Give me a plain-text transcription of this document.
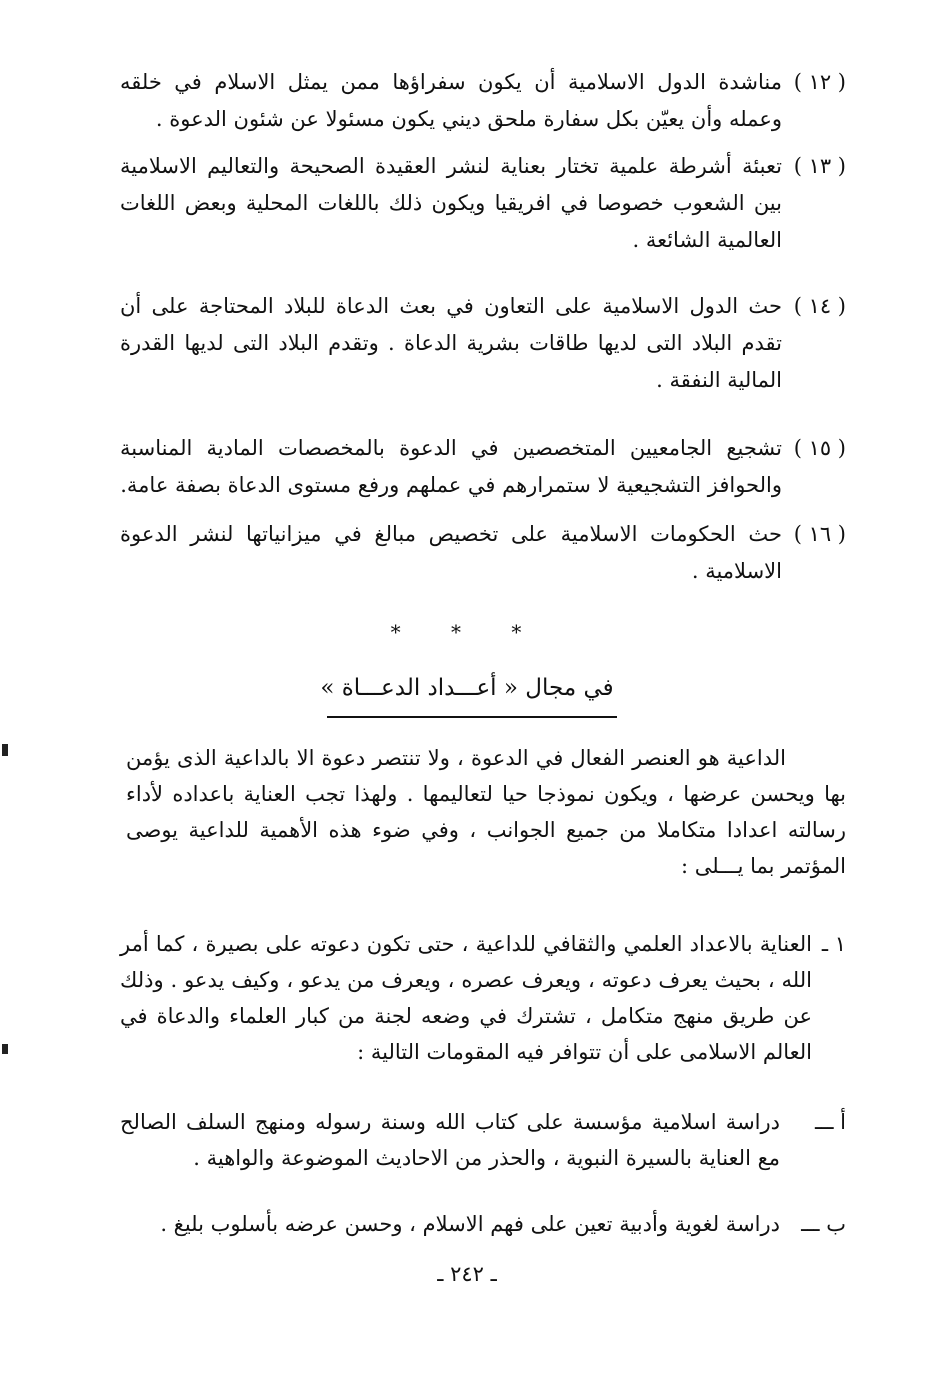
( ١٢ )
مناشدة الدول الاسلامية أن يكون سفراؤها ممن يمثل الاسلام في خلقه وعمله وأن يعيّن بكل سفارة ملحق ديني يكون مسئولا عن شئون الدعوة .
( ١٣ )
تعبئة أشرطة علمية تختار بعناية لنشر العقيدة الصحيحة والتعاليم الاسلامية بين الشعوب خصوصا في افريقيا ويكون ذلك باللغات المحلية وبعض اللغات العالمية الشائعة .
( ١٤ )
حث الدول الاسلامية على التعاون في بعث الدعاة للبلاد المحتاجة على أن تقدم البلاد التى لديها طاقات بشرية الدعاة . وتقدم البلاد التى لديها القدرة المالية النفقة .
( ١٥ )
تشجيع الجامعيين المتخصصين في الدعوة بالمخصصات المادية المناسبة والحوافز التشجيعية لا ستمرارهم في عملهم ورفع مستوى الدعاة بصفة عامة.
( ١٦ )
حث الحكومات الاسلامية على تخصيص مبالغ في ميزانياتها لنشر الدعوة الاسلامية .
* * *
في مجال « أعـــداد الدعـــاة »
الداعية هو العنصر الفعال في الدعوة ، ولا تنتصر دعوة الا بالداعية الذى يؤمن بها ويحسن عرضها ، ويكون نموذجا حيا لتعاليمها . ولهذا تجب العناية باعداده لأداء رسالته اعدادا متكاملا من جميع الجوانب ، وفي ضوء هذه الأهمية للداعية يوصى المؤتمر بما يـــلى :
١ ـ
العناية بالاعداد العلمي والثقافي للداعية ، حتى تكون دعوته على بصيرة ، كما أمر الله ، بحيث يعرف دعوته ، ويعرف عصره ، ويعرف من يدعو ، وكيف يدعو . وذلك عن طريق منهج متكامل ، تشترك في وضعه لجنة من كبار العلماء والدعاة في العالم الاسلامى على أن تتوافر فيه المقومات التالية :
أ ـــ
دراسة اسلامية مؤسسة على كتاب الله وسنة رسوله ومنهج السلف الصالح مع العناية بالسيرة النبوية ، والحذر من الاحاديث الموضوعة والواهية .
ب ـــ
دراسة لغوية وأدبية تعين على فهم الاسلام ، وحسن عرضه بأسلوب بليغ .
ـ ٢٤٢ ـ
